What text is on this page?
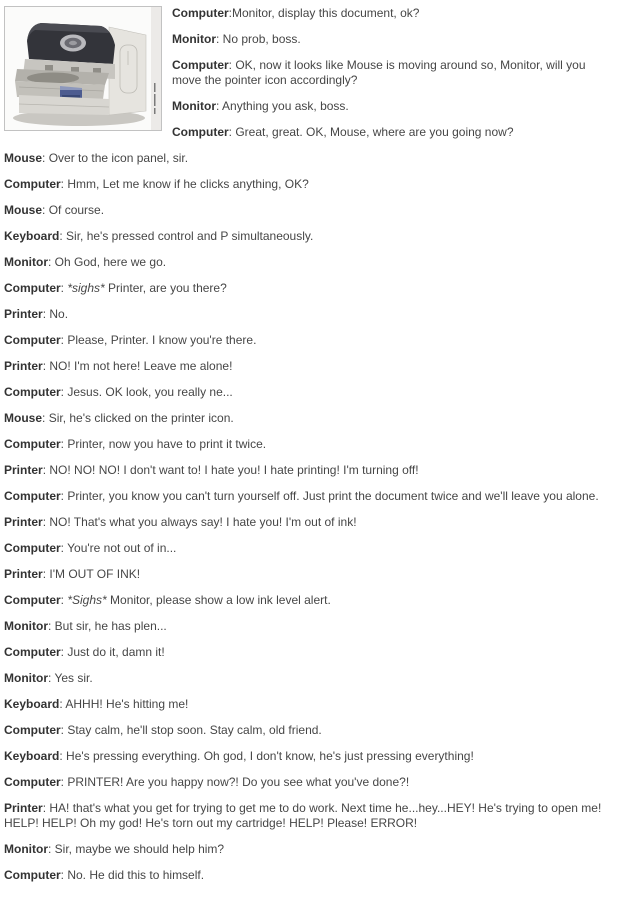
Computer:Monitor, display this document, ok?

Monitor: No prob, boss.

Computer: OK, now it looks like Mouse is moving around so, Monitor, will you move the pointer icon accordingly?

Monitor: Anything you ask, boss.

Computer: Great, great. OK, Mouse, where are you going now?

Mouse: Over to the icon panel, sir.

Computer: Hmm, Let me know if he clicks anything, OK?

Mouse: Of course.

Keyboard: Sir, he's pressed control and P simultaneously.

Monitor: Oh God, here we go.

Computer: *sighs* Printer, are you there?

Printer: No.

Computer: Please, Printer. I know you're there.

Printer: NO! I'm not here! Leave me alone!

Computer: Jesus. OK look, you really ne...

Mouse: Sir, he's clicked on the printer icon.

Computer: Printer, now you have to print it twice.

Printer: NO! NO! NO! I don't want to! I hate you! I hate printing! I'm turning off!

Computer: Printer, you know you can't turn yourself off. Just print the document twice and we'll leave you alone.

Printer: NO! That's what you always say! I hate you! I'm out of ink!

Computer: You're not out of in...

Printer: I'M OUT OF INK!

Computer: *Sighs* Monitor, please show a low ink level alert.

Monitor: But sir, he has plen...

Computer: Just do it, damn it!

Monitor: Yes sir.

Keyboard: AHHH! He's hitting me!

Computer: Stay calm, he'll stop soon. Stay calm, old friend.

Keyboard: He's pressing everything. Oh god, I don't know, he's just pressing everything!

Computer: PRINTER! Are you happy now?! Do you see what you've done?!

Printer: HA! that's what you get for trying to get me to do work. Next time he...hey...HEY! He's trying to open me! HELP! HELP! Oh my god! He's torn out my cartridge! HELP! Please! ERROR!

Monitor: Sir, maybe we should help him?

Computer: No. He did this to himself.
